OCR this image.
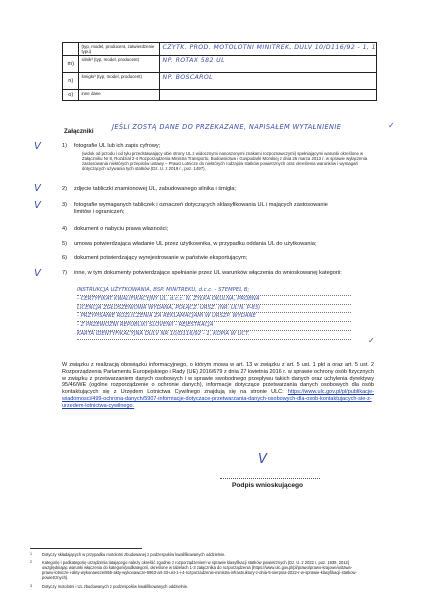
	(typ, model, producent, zatwierdzenie typu)	CZYTK. PROD. MOTOLOTNI MINITREK, DULV 10/D116/92 - 1, 1

m)	silnik³ (typ, model, producent)	NP. ROTAX 582 UL

n)	śmigło³ (typ, model, producent)	NP. BOSCAROL

o)	inne dane	
Załączniki
JEŚLI ZOSTĄ DANE DO PRZEKAZANE, NAPISAŁEM WYTAŁNIENIE	✓
V	1) fotografie UL lub ich zapis cyfrowy;
(widok od przodu i od tyłu przedstawiający obie strony UL z widocznymi nanoszonymi znakami rozpoznawczymi) spełniającymi warunki określone w Załączniku Nr 8, Rozdział 2-4 Rozporządzenia Ministra Transportu, Budownictwa i Gospodarki Morskiej z dnia 26 marca 2013 r. w sprawie wyłączenia zastosowania niektórych przepisów ustawy – Prawo Lotnicze do niektórych rodzajów statków powietrznych oraz określenia warunków i wymagań dotyczących używania tych statków (Dz. U. z 2019 r., poz. 1497),
V	2) zdjęcie tabliczki znamionowej UL, zabudowanego silnika i śmigła;
V	3) fotografie wymaganych tabliczek i oznaczeń dotyczących sklasyfikowania UL i mających zastosowanie limitów i ograniczeń;
4) dokument o nabyciu prawa własności;
5) umowa potwierdzająca władanie UL przez użytkownika, w przypadku oddania UL do użytkowania;
6) dokument potwierdzający wyrejestrowanie w państwie eksportującym;
V	7) inne, w tym dokumenty potwierdzające spełnianie przez UL warunków włączenia do wnioskowanej kategorii:
INSTRUKCJA UŻYTKOWANIA, BSP. MINITREKU, d.c.c. - STEMPEL B;
- CERTYFIKAT KWALIFIKACYJNY UL, d.c.c. N, ŻYŁKA OKULNA, PRÓBNA
LICENCJA ZGŁOSZENIOWA WYDANA, POŁĄCZ. URSZ. (NR. UL'N. P-83)
- PRZYPISANIE ROZLICZENIA ZA REKLAMACJAMI W URSZP. WYDANE
- Z PRZEWOŹNI REPUBLIKI SLOVENII - REJESTRACJA
KARTA IDENTYFIKACYJNA DULV NR 10/D116/92 - 1, KOPIA W UCT.
✓
W związku z realizacją obowiązku informacyjnego, o którym mowa w art. 13 w związku z art. 5 ust. 1 pkt a oraz art. 5 ust. 2 Rozporządzenia Parlamentu Europejskiego i Rady (UE) 2016/679 z dnia 27 kwietnia 2016 r. w sprawie ochrony osób fizycznych w związku z przetwarzaniem danych osobowych i w sprawie swobodnego przepływu takich danych oraz uchylenia dyrektywy 95/46/WE (ogólne rozporządzenie o ochronie danych), informacje dotyczące przetwarzania danych osobowych dla osób kontaktujących się z Urzędem Lotnictwa Cywilnego znajdują się na stronie ULC: https://www.ulc.gov.pl/pl/publikacje-wiadomosci/499-ochrona-danych/5907-informacje-dotyczace-przetwarzania-danych-osobowych-dla-osob-kontaktujacych-sie-z-urzedem-lotnictwa-cywilnego.
V
Podpis wnioskującego
1 Dotyczy składających w przypadku motolotni zbudowanej z podzespołów kwalifikowanych oddzielnie.
2 Kategorię i podkategorię urządzenia latającego należy określić zgodnie z rozporządzeniem w sprawie klasyfikacji statków powietrznych (Dz. U. z 2022 r. poz. 1939, 2012) uwzględniając warunki włączenia do kategorii/podkategorii, określone w tabelach 1-3 załącznika do rozporządzenia (https://www.ulc.gov.pl/pl/prawo/prawo-krajowe/ustawa-prawo-lotnicze-i-akty-wykonawcze/855-akty-wykonawcze-5963-art-33-ust-1-i-4-rozporzadzenie-ministra-infrastruktury-z-dnia-5-sierpnia-2022-r-w-sprawie-klasyfikacji-statkow-powietrznych).
3 Dotyczy motolotni i UL zbudowanych z podzespołów kwalifikowanych oddzielnie.
